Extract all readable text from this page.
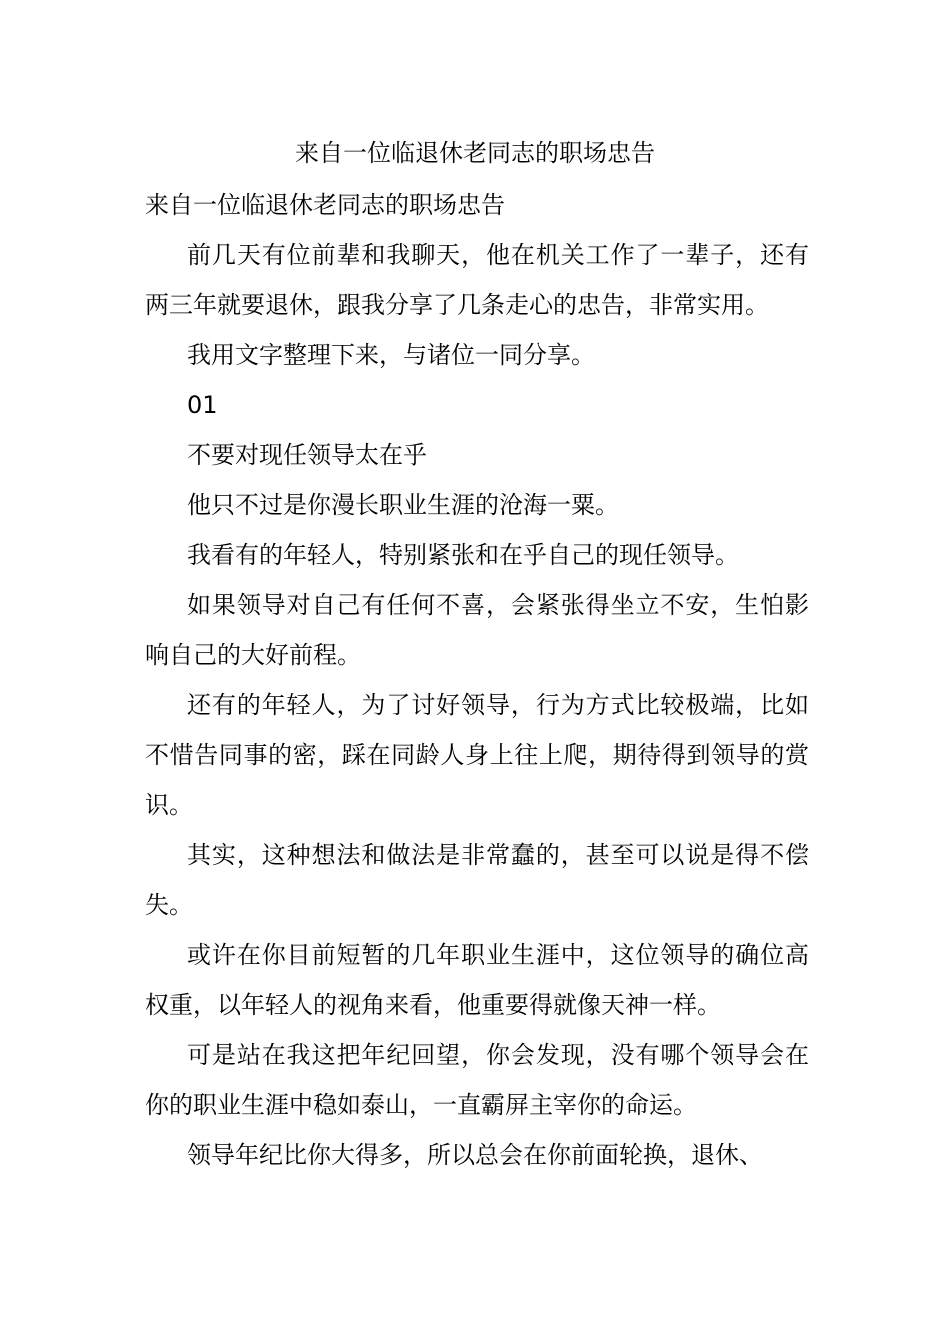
来自一位临退休老同志的职场忠告

来自一位临退休老同志的职场忠告

前几天有位前辈和我聊天，他在机关工作了一辈子，还有两三年就要退休，跟我分享了几条走心的忠告，非常实用。

我用文字整理下来，与诸位一同分享。

01

不要对现任领导太在乎

他只不过是你漫长职业生涯的沧海一粟。

我看有的年轻人，特别紧张和在乎自己的现任领导。

如果领导对自己有任何不喜，会紧张得坐立不安，生怕影响自己的大好前程。

还有的年轻人，为了讨好领导，行为方式比较极端，比如不惜告同事的密，踩在同龄人身上往上爬，期待得到领导的赏识。

其实，这种想法和做法是非常蠢的，甚至可以说是得不偿失。

或许在你目前短暂的几年职业生涯中，这位领导的确位高权重，以年轻人的视角来看，他重要得就像天神一样。

可是站在我这把年纪回望，你会发现，没有哪个领导会在你的职业生涯中稳如泰山，一直霸屏主宰你的命运。

领导年纪比你大得多，所以总会在你前面轮换，退休、
